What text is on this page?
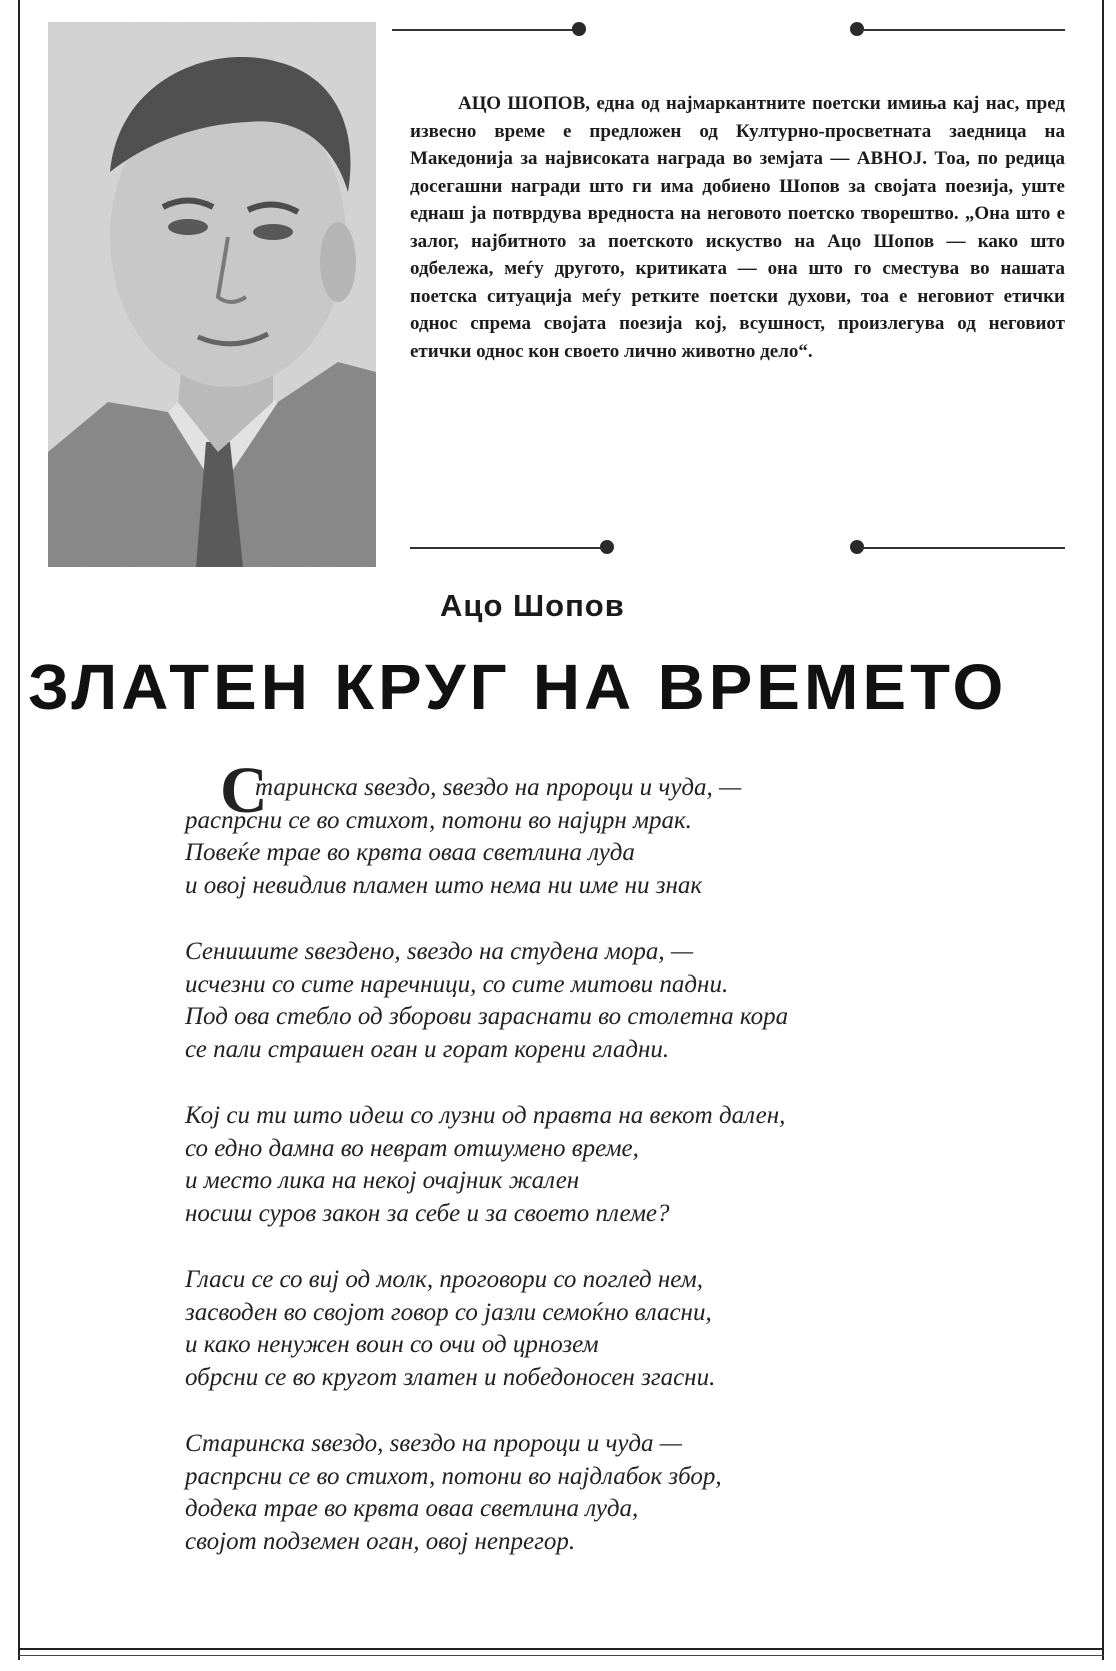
АЦО ШОПОВ, една од најмаркантните поетски имиња кај нас, пред извесно време е предложен од Културно-просветната заедница на Македонија за највисоката награда во земјата — АВНОЈ. Тоа, по редица досегашни награди што ги има добиено Шопов за својата поезија, уште еднаш ја потврдува вредноста на неговото поетско творештво. „Она што е залог, најбитното за поетското искуство на Ацо Шопов — како што одбележа, меѓу другото, критиката — она што го сместува во нашата поетска ситуација меѓу ретките поетски духови, тоа е неговиот етички однос спрема својата поезија кој, всушност, произлегува од неговиот етички однос кон своето лично животно дело“.

Ацо Шопов
ЗЛАТЕН КРУГ НА ВРЕМЕТО
С
таринска ѕвездо, ѕвездо на пророци и чуда, —
распрсни се во стихот, потони во најцрн мрак.
Повеќе трае во крвта оваа светлина луда
и овој невидлив пламен што нема ни име ни знак
Сенишите ѕвездено, ѕвездо на студена мора, —
исчезни со сите наречници, со сите митови падни.
Под ова стебло од зборови зараснати во столетна кора
се пали страшен оган и горат корени гладни.
Кој си ти што идеш со лузни од правта на векот дален,
со едно дамна во неврат отшумено време,
и место лика на некој очајник жален
носиш суров закон за себе и за своето племе?
Гласи се со виј од молк, проговори со поглед нем,
засводен во својот говор со јазли семоќно власни,
и како ненужен воин со очи од црнозем
обрсни се во кругот златен и победоносен згасни.
Старинска ѕвездо, ѕвездо на пророци и чуда —
распрсни се во стихот, потони во најдлабок збор,
додека трае во крвта оваа светлина луда,
својот подземен оган, овој непрегор.
